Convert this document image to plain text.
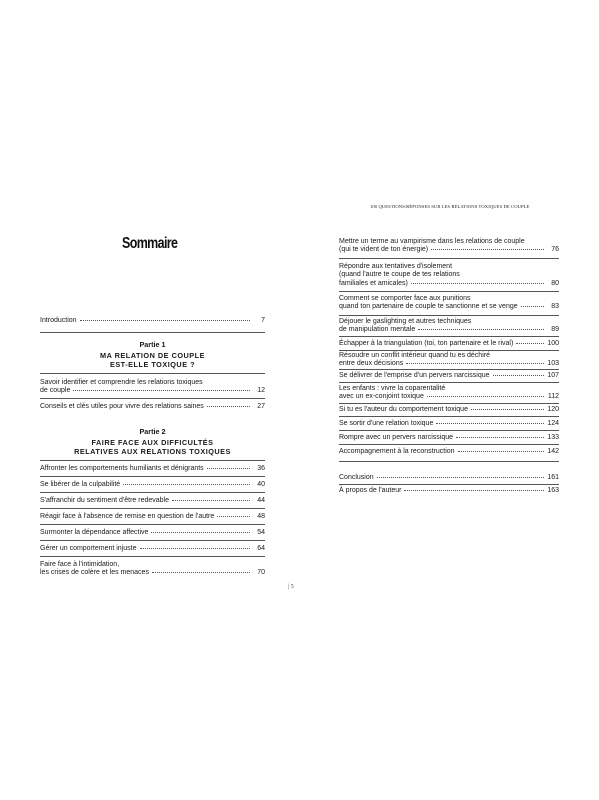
100 QUESTIONS/RÉPONSES SUR LES RELATIONS TOXIQUES DE COUPLE
Sommaire
Introduction	7
Partie 1
MA RELATION DE COUPLE
EST-ELLE TOXIQUE ?
Savoir identifier et comprendre les relations toxiques
de couple	12
Conseils et clés utiles pour vivre des relations saines	27
Partie 2
FAIRE FACE AUX DIFFICULTÉS
RELATIVES AUX RELATIONS TOXIQUES
Affronter les comportements humiliants et dénigrants	36
Se libérer de la culpabilité	40
S'affranchir du sentiment d'être redevable	44
Réagir face à l'absence de remise en question de l'autre	48
Surmonter la dépendance affective	54
Gérer un comportement injuste	64
Faire face à l'intimidation,
les crises de colère et les menaces	70
Mettre un terme au vampirisme dans les relations de couple
(qui te vident de ton énergie)	76
Répondre aux tentatives d'isolement
(quand l'autre te coupe de tes relations
familiales et amicales)	80
Comment se comporter face aux punitions
quand ton partenaire de couple te sanctionne et se venge	83
Déjouer le gaslighting et autres techniques
de manipulation mentale	89
Échapper à la triangulation (toi, ton partenaire et le rival)	100
Résoudre un conflit intérieur quand tu es déchiré
entre deux décisions	103
Se délivrer de l'emprise d'un pervers narcissique	107
Les enfants : vivre la coparentalité
avec un ex-conjoint toxique	112
Si tu es l'auteur du comportement toxique	120
Se sortir d'une relation toxique	124
Rompre avec un pervers narcissique	133
Accompagnement à la reconstruction	142
Conclusion	161
À propos de l'auteur	163
| 5
